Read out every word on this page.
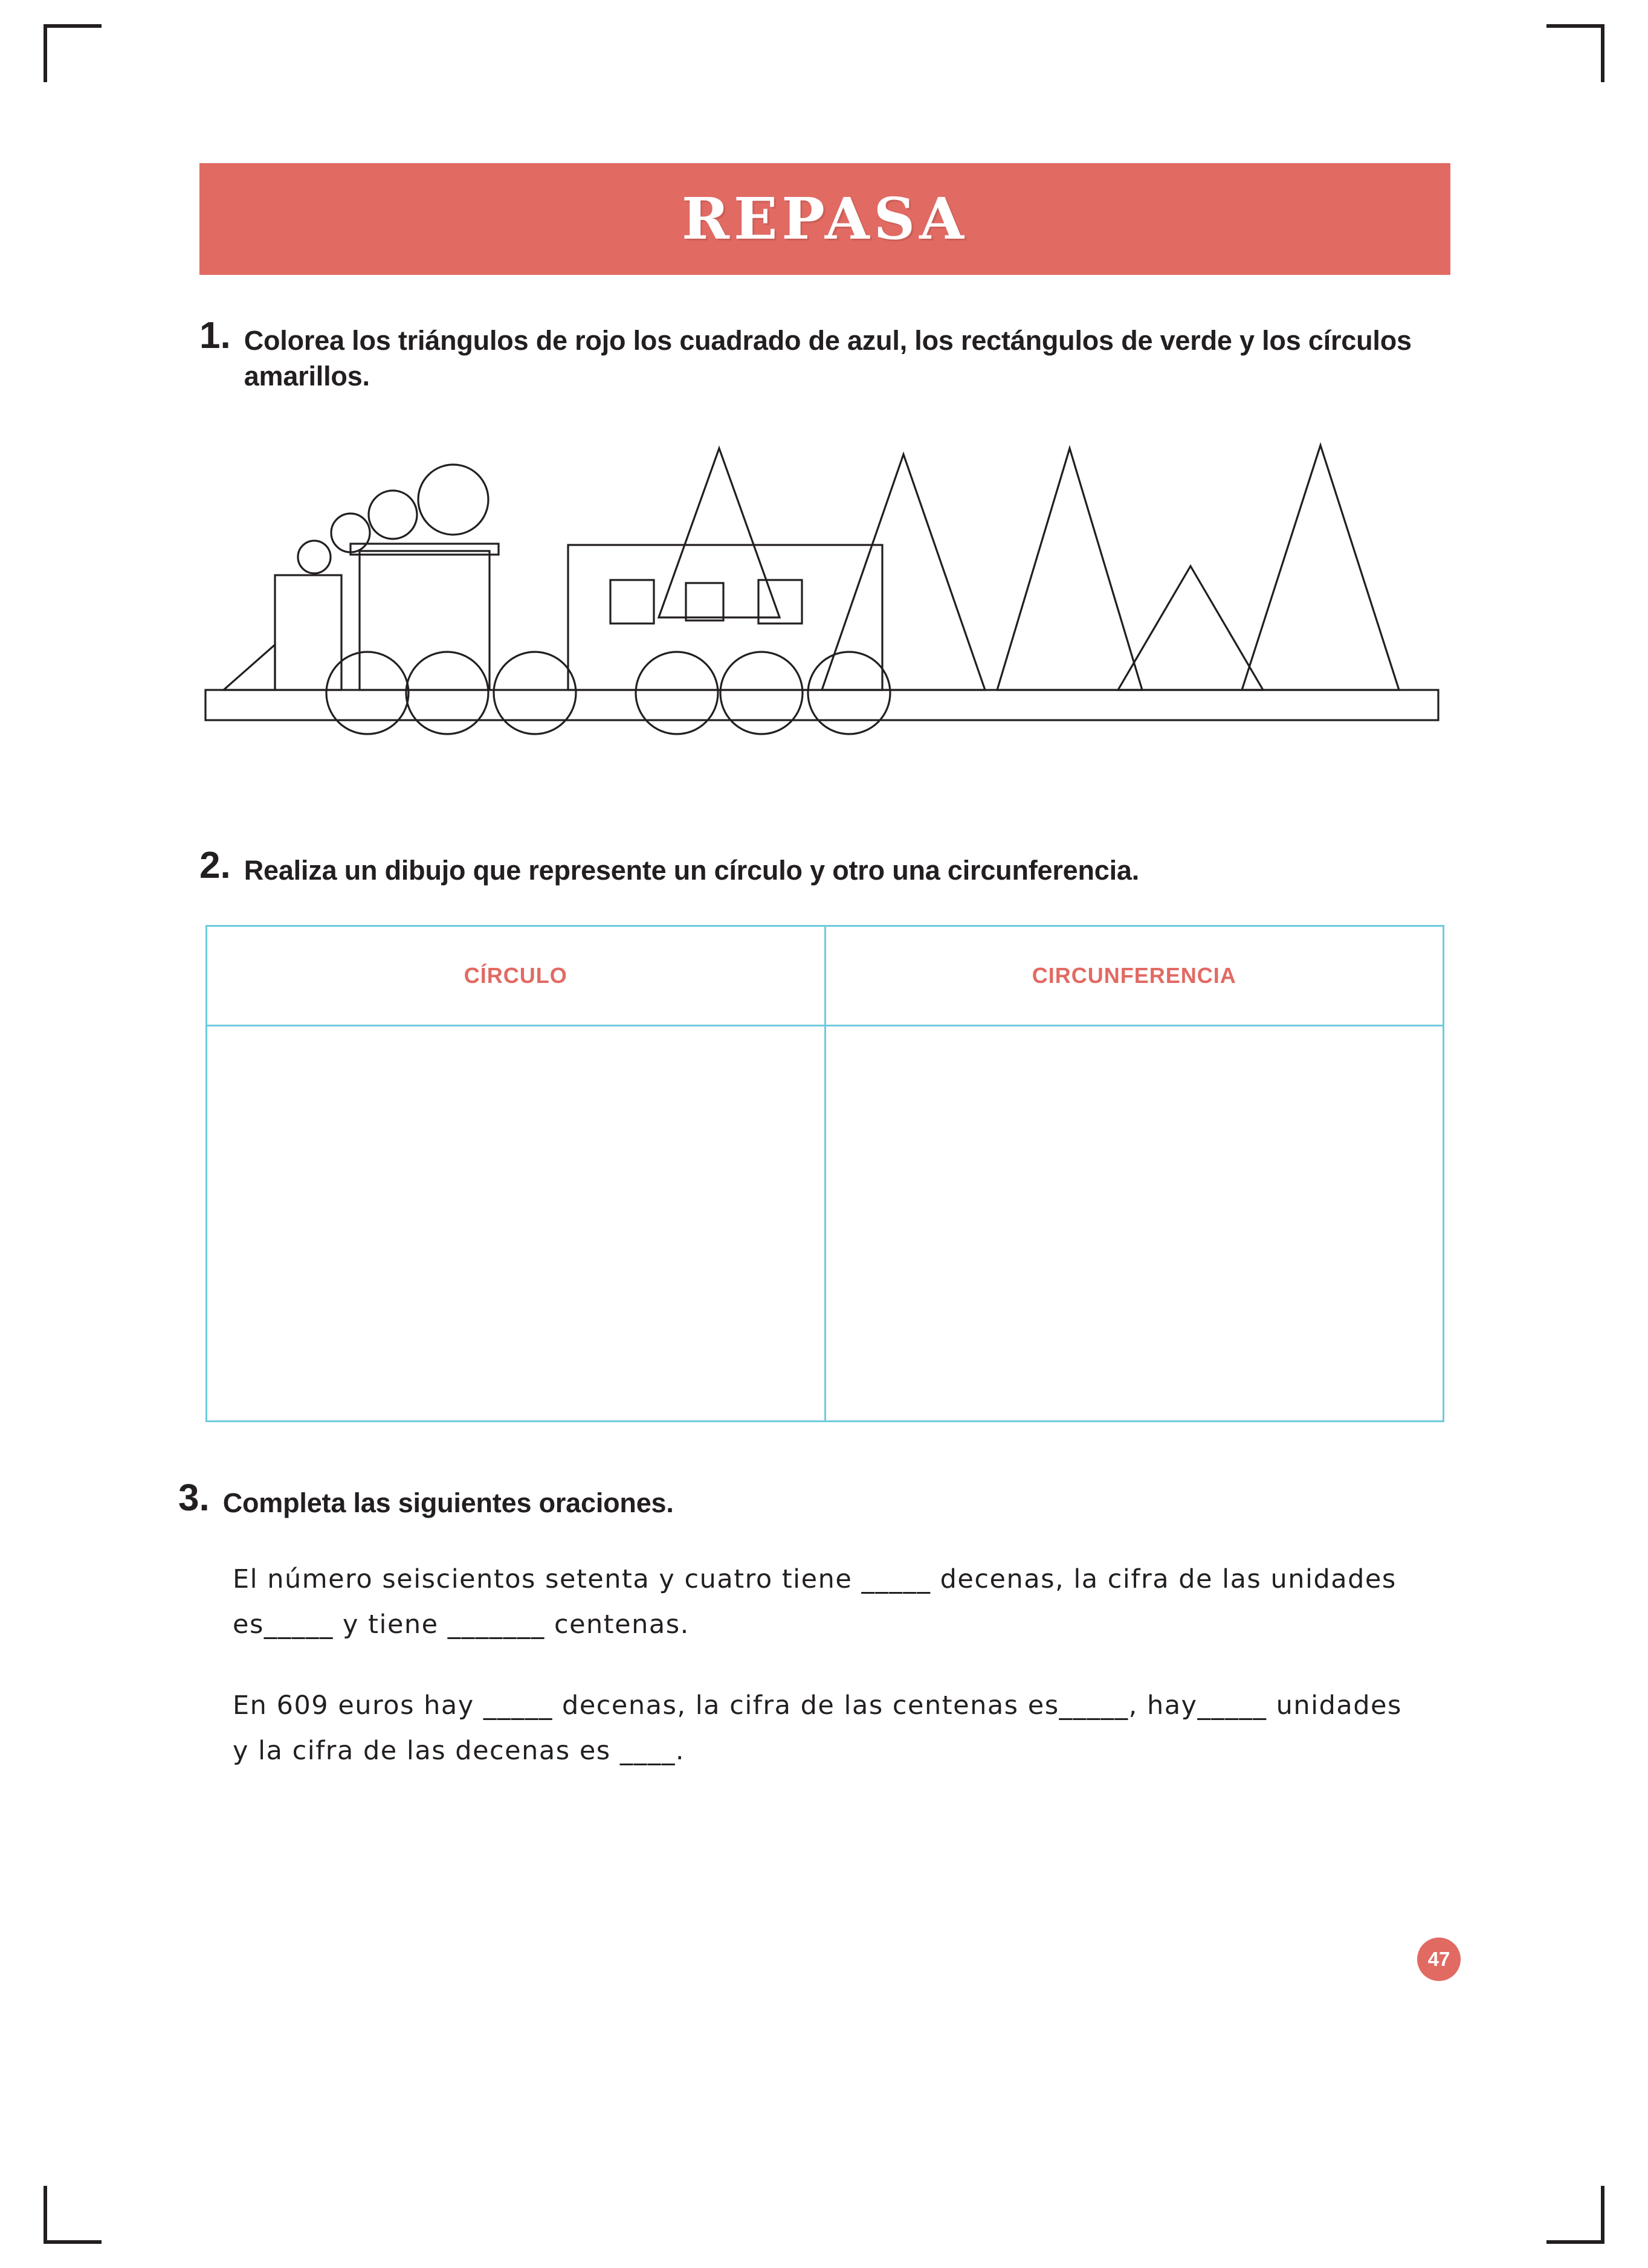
REPASA
1. Colorea los triángulos de rojo los cuadrado de azul, los rectángulos de verde y los círculos amarillos.
2. Realiza un dibujo que represente un círculo y otro una circunferencia.
CÍRCULO	CIRCUNFERENCIA

3. Completa las siguientes oraciones.

El número seiscientos setenta y cuatro tiene _____ decenas, la cifra de las unidades es_____ y tiene _______ centenas.

En 609 euros hay _____ decenas, la cifra de las centenas es_____, hay_____ unidades y la cifra de las decenas es ____.

47
